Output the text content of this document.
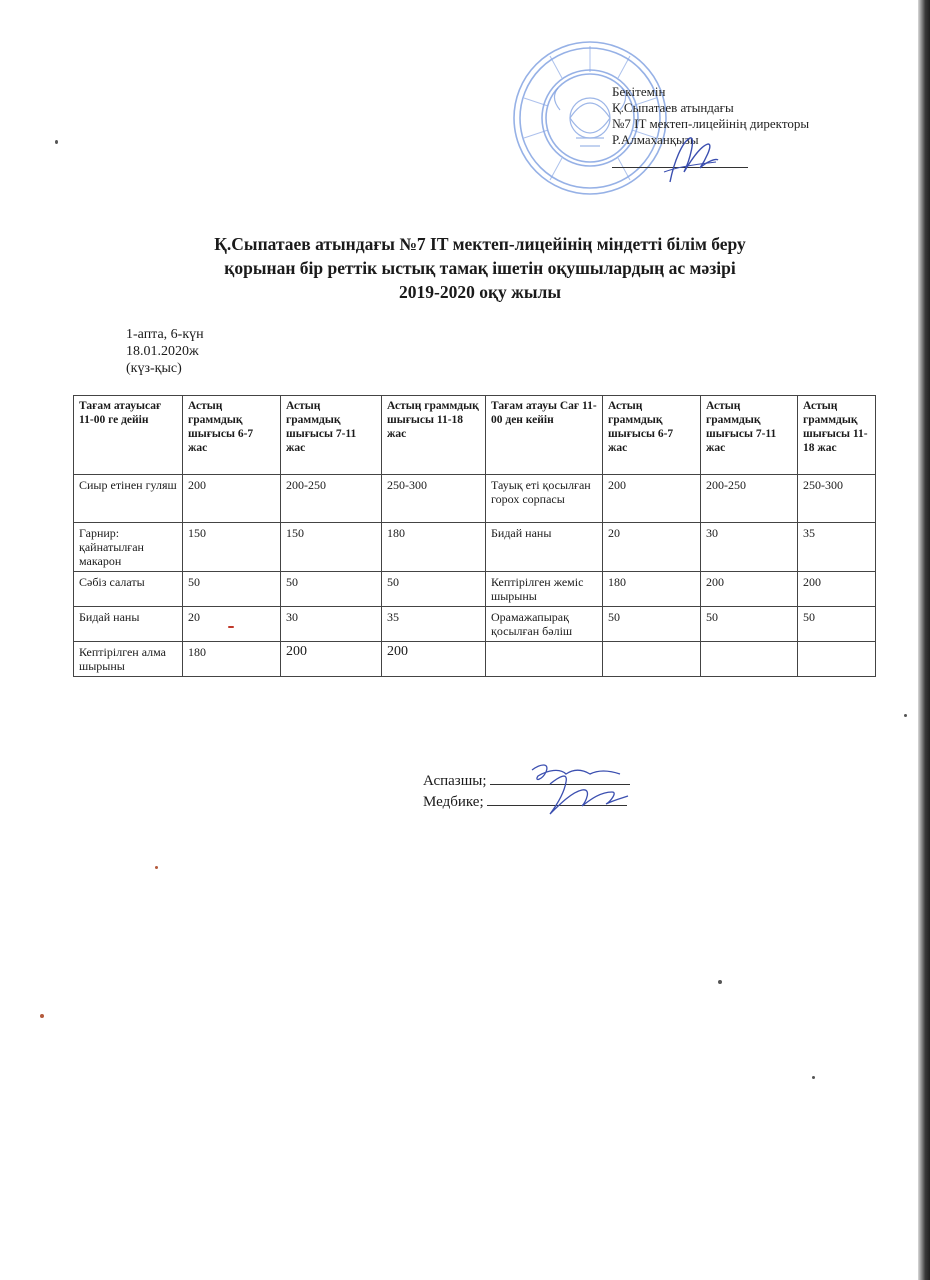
Бекітемін
Қ.Сыпатаев атындағы
№7 IT мектеп-лицейінің директоры
Р.Алмаханқызы
Қ.Сыпатаев атындағы №7 IT мектеп-лицейінің міндетті білім беру
қорынан бір реттік ыстық тамақ ішетін оқушылардың ас мәзірі
2019-2020 оқу жылы
1-апта, 6-күн
18.01.2020ж
(күз-қыс)
Тағам атауысағ 11-00 ге дейін	Астың граммдық шығысы 6-7 жас	Астың граммдық шығысы 7-11 жас	Астың граммдық шығысы 11-18 жас	Тағам атауы Сағ 11-00 ден кейін	Астың граммдық шығысы 6-7 жас	Астың граммдық шығысы 7-11 жас	Астың граммдық шығысы 11-18 жас
Сиыр етінен гуляш	200	200-250	250-300	Тауық еті қосылған горох сорпасы	200	200-250	250-300
Гарнир: қайнатылған макарон	150	150	180	Бидай наны	20	30	35
Сәбіз салаты	50	50	50	Кептірілген жеміс шырыны	180	200	200
Бидай наны	20	30	35	Орамажапырақ қосылған бәліш	50	50	50
Кептірілген алма шырыны	180	200	200				
Аспазшы;
Медбике;
